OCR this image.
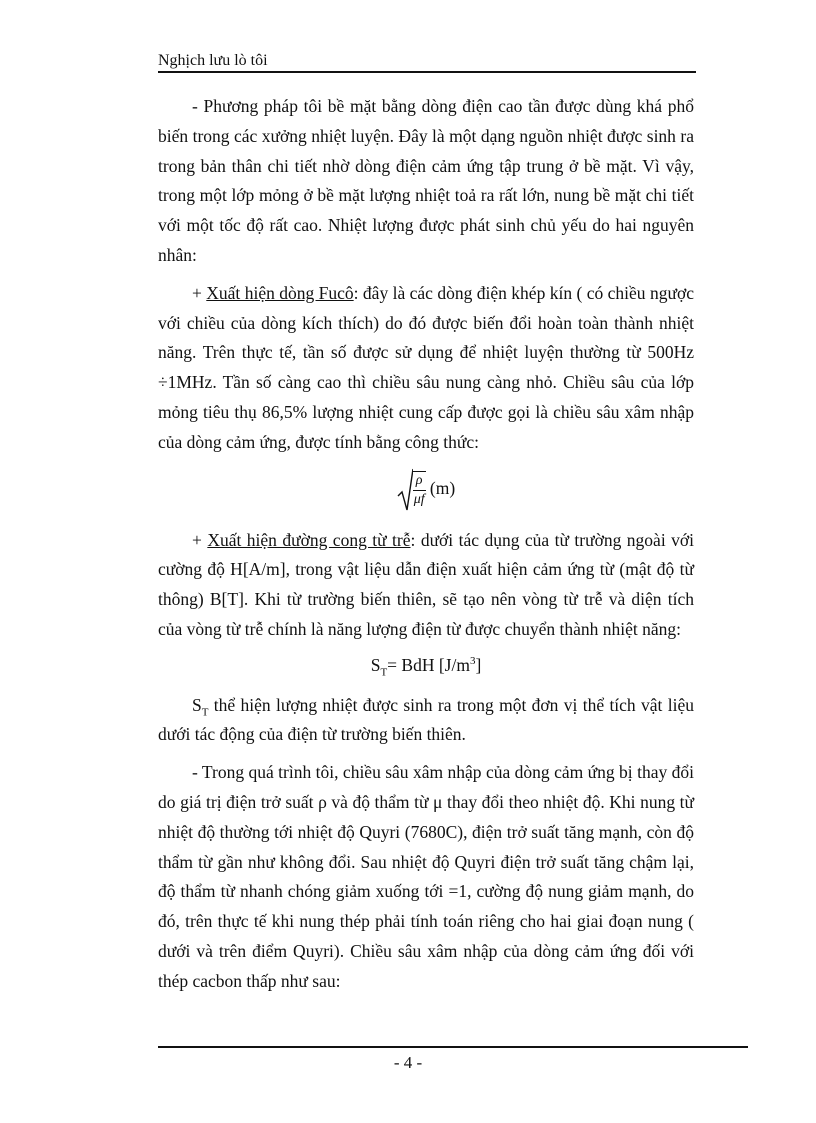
Nghịch lưu lò tôi

- Phương pháp tôi bề mặt bằng dòng điện cao tần được dùng khá phổ biến trong các xưởng nhiệt luyện. Đây là một dạng nguồn nhiệt được sinh ra trong bản thân chi tiết nhờ dòng điện cảm ứng tập trung ở bề mặt. Vì vậy, trong một lớp mỏng ở bề mặt lượng nhiệt toả ra rất lớn, nung bề mặt chi tiết với một tốc độ rất cao. Nhiệt lượng được phát sinh chủ yếu do hai nguyên nhân:

+ Xuất hiện dòng Fucô: đây là các dòng điện khép kín ( có chiều ngược với chiều của dòng kích thích) do đó được biến đổi hoàn toàn thành nhiệt năng. Trên thực tế, tần số được sử dụng để nhiệt luyện thường từ 500Hz ÷1MHz. Tần số càng cao thì chiều sâu nung càng nhỏ. Chiều sâu của lớp mỏng tiêu thụ 86,5% lượng nhiệt cung cấp được gọi là chiều sâu xâm nhập của dòng cảm ứng, được tính bằng công thức:

$\frac{\rho}{\mu f} (m)$

+ Xuất hiện đường cong từ trễ: dưới tác dụng của từ trường ngoài với cường độ H[A/m], trong vật liệu dẫn điện xuất hiện cảm ứng từ (mật độ từ thông) B[T]. Khi từ trường biến thiên, sẽ tạo nên vòng từ trễ và diện tích của vòng từ trễ chính là năng lượng điện từ được chuyển thành nhiệt năng:

$S_T=$ BdH $[J/m^3]$

$S_T$ thể hiện lượng nhiệt được sinh ra trong một đơn vị thể tích vật liệu dưới tác động của điện từ trường biến thiên.

- Trong quá trình tôi, chiều sâu xâm nhập của dòng cảm ứng bị thay đổi do giá trị điện trở suất ρ và độ thẩm từ μ thay đổi theo nhiệt độ. Khi nung từ nhiệt độ thường tới nhiệt độ Quyri (7680C), điện trở suất tăng mạnh, còn độ thẩm từ gần như không đổi. Sau nhiệt độ Quyri điện trở suất tăng chậm lại, độ thẩm từ nhanh chóng giảm xuống tới =1, cường độ nung giảm mạnh, do đó, trên thực tế khi nung thép phải tính toán riêng cho hai giai đoạn nung ( dưới và trên điểm Quyri). Chiều sâu xâm nhập của dòng cảm ứng đối với thép cacbon thấp như sau:

- 4 -
